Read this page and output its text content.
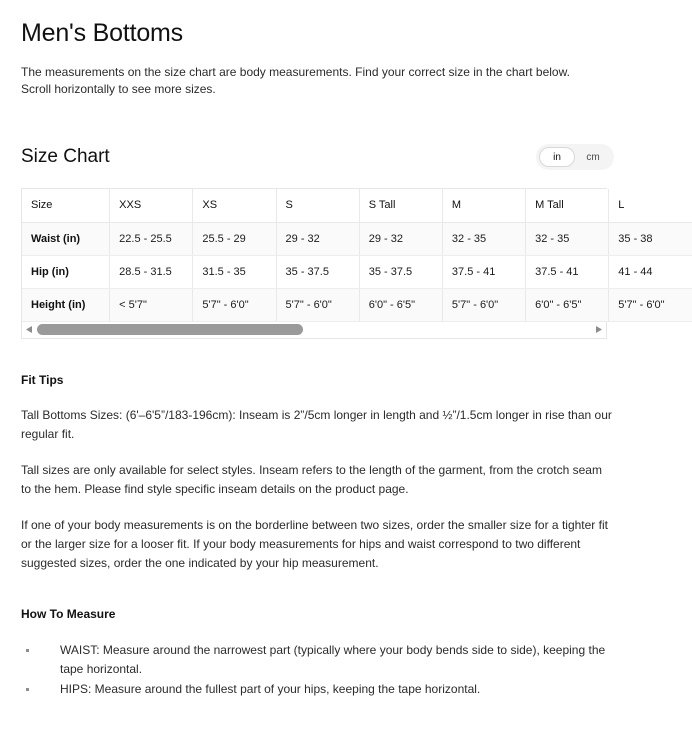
Men's Bottoms

The measurements on the size chart are body measurements. Find your correct size in the chart below. Scroll horizontally to see more sizes.

Size Chart	in	cm
Size	XXS	XS	S	S Tall	M	M Tall	L
Waist (in)	22.5 - 25.5	25.5 - 29	29 - 32	29 - 32	32 - 35	32 - 35	35 - 38
Hip (in)	28.5 - 31.5	31.5 - 35	35 - 37.5	35 - 37.5	37.5 - 41	37.5 - 41	41 - 44
Height (in)	< 5'7"	5'7" - 6'0"	5'7" - 6'0"	6'0" - 6'5"	5'7" - 6'0"	6'0" - 6'5"	5'7" - 6'0"
Fit Tips

Tall Bottoms Sizes: (6'–6'5”/183-196cm): Inseam is 2”/5cm longer in length and ½”/1.5cm longer in rise than our regular fit.

Tall sizes are only available for select styles. Inseam refers to the length of the garment, from the crotch seam to the hem. Please find style specific inseam details on the product page.

If one of your body measurements is on the borderline between two sizes, order the smaller size for a tighter fit or the larger size for a looser fit. If your body measurements for hips and waist correspond to two different suggested sizes, order the one indicated by your hip measurement.

How To Measure
WAIST: Measure around the narrowest part (typically where your body bends side to side), keeping the tape horizontal.
HIPS: Measure around the fullest part of your hips, keeping the tape horizontal.
